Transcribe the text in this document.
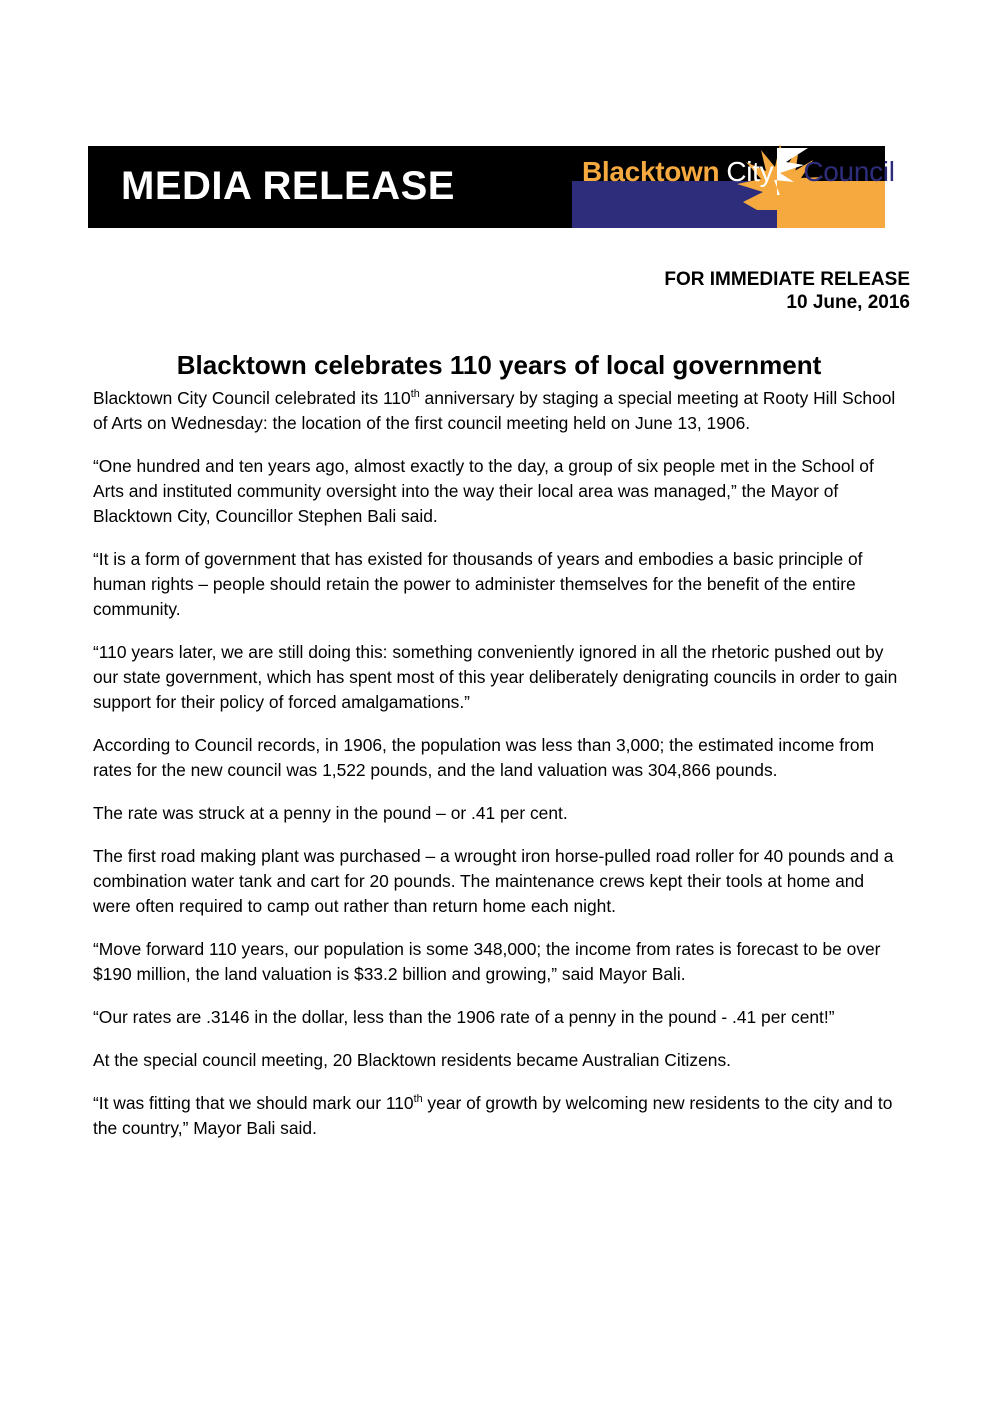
MEDIA RELEASE	Blacktown City	Council
FOR IMMEDIATE RELEASE
10 June, 2016
Blacktown celebrates 110 years of local government

Blacktown City Council celebrated its 110th anniversary by staging a special meeting at Rooty Hill School of Arts on Wednesday: the location of the first council meeting held on June 13, 1906.

“One hundred and ten years ago, almost exactly to the day, a group of six people met in the School of Arts and instituted community oversight into the way their local area was managed,” the Mayor of Blacktown City, Councillor Stephen Bali said.

“It is a form of government that has existed for thousands of years and embodies a basic principle of human rights – people should retain the power to administer themselves for the benefit of the entire community.

“110 years later, we are still doing this: something conveniently ignored in all the rhetoric pushed out by our state government, which has spent most of this year deliberately denigrating councils in order to gain support for their policy of forced amalgamations.”

According to Council records, in 1906, the population was less than 3,000; the estimated income from rates for the new council was 1,522 pounds, and the land valuation was 304,866 pounds.

The rate was struck at a penny in the pound – or .41 per cent.

The first road making plant was purchased – a wrought iron horse-pulled road roller for 40 pounds and a combination water tank and cart for 20 pounds. The maintenance crews kept their tools at home and were often required to camp out rather than return home each night.

“Move forward 110 years, our population is some 348,000; the income from rates is forecast to be over $190 million, the land valuation is $33.2 billion and growing,” said Mayor Bali.

“Our rates are .3146 in the dollar, less than the 1906 rate of a penny in the pound - .41 per cent!”

At the special council meeting, 20 Blacktown residents became Australian Citizens.

“It was fitting that we should mark our 110th year of growth by welcoming new residents to the city and to the country,” Mayor Bali said.
